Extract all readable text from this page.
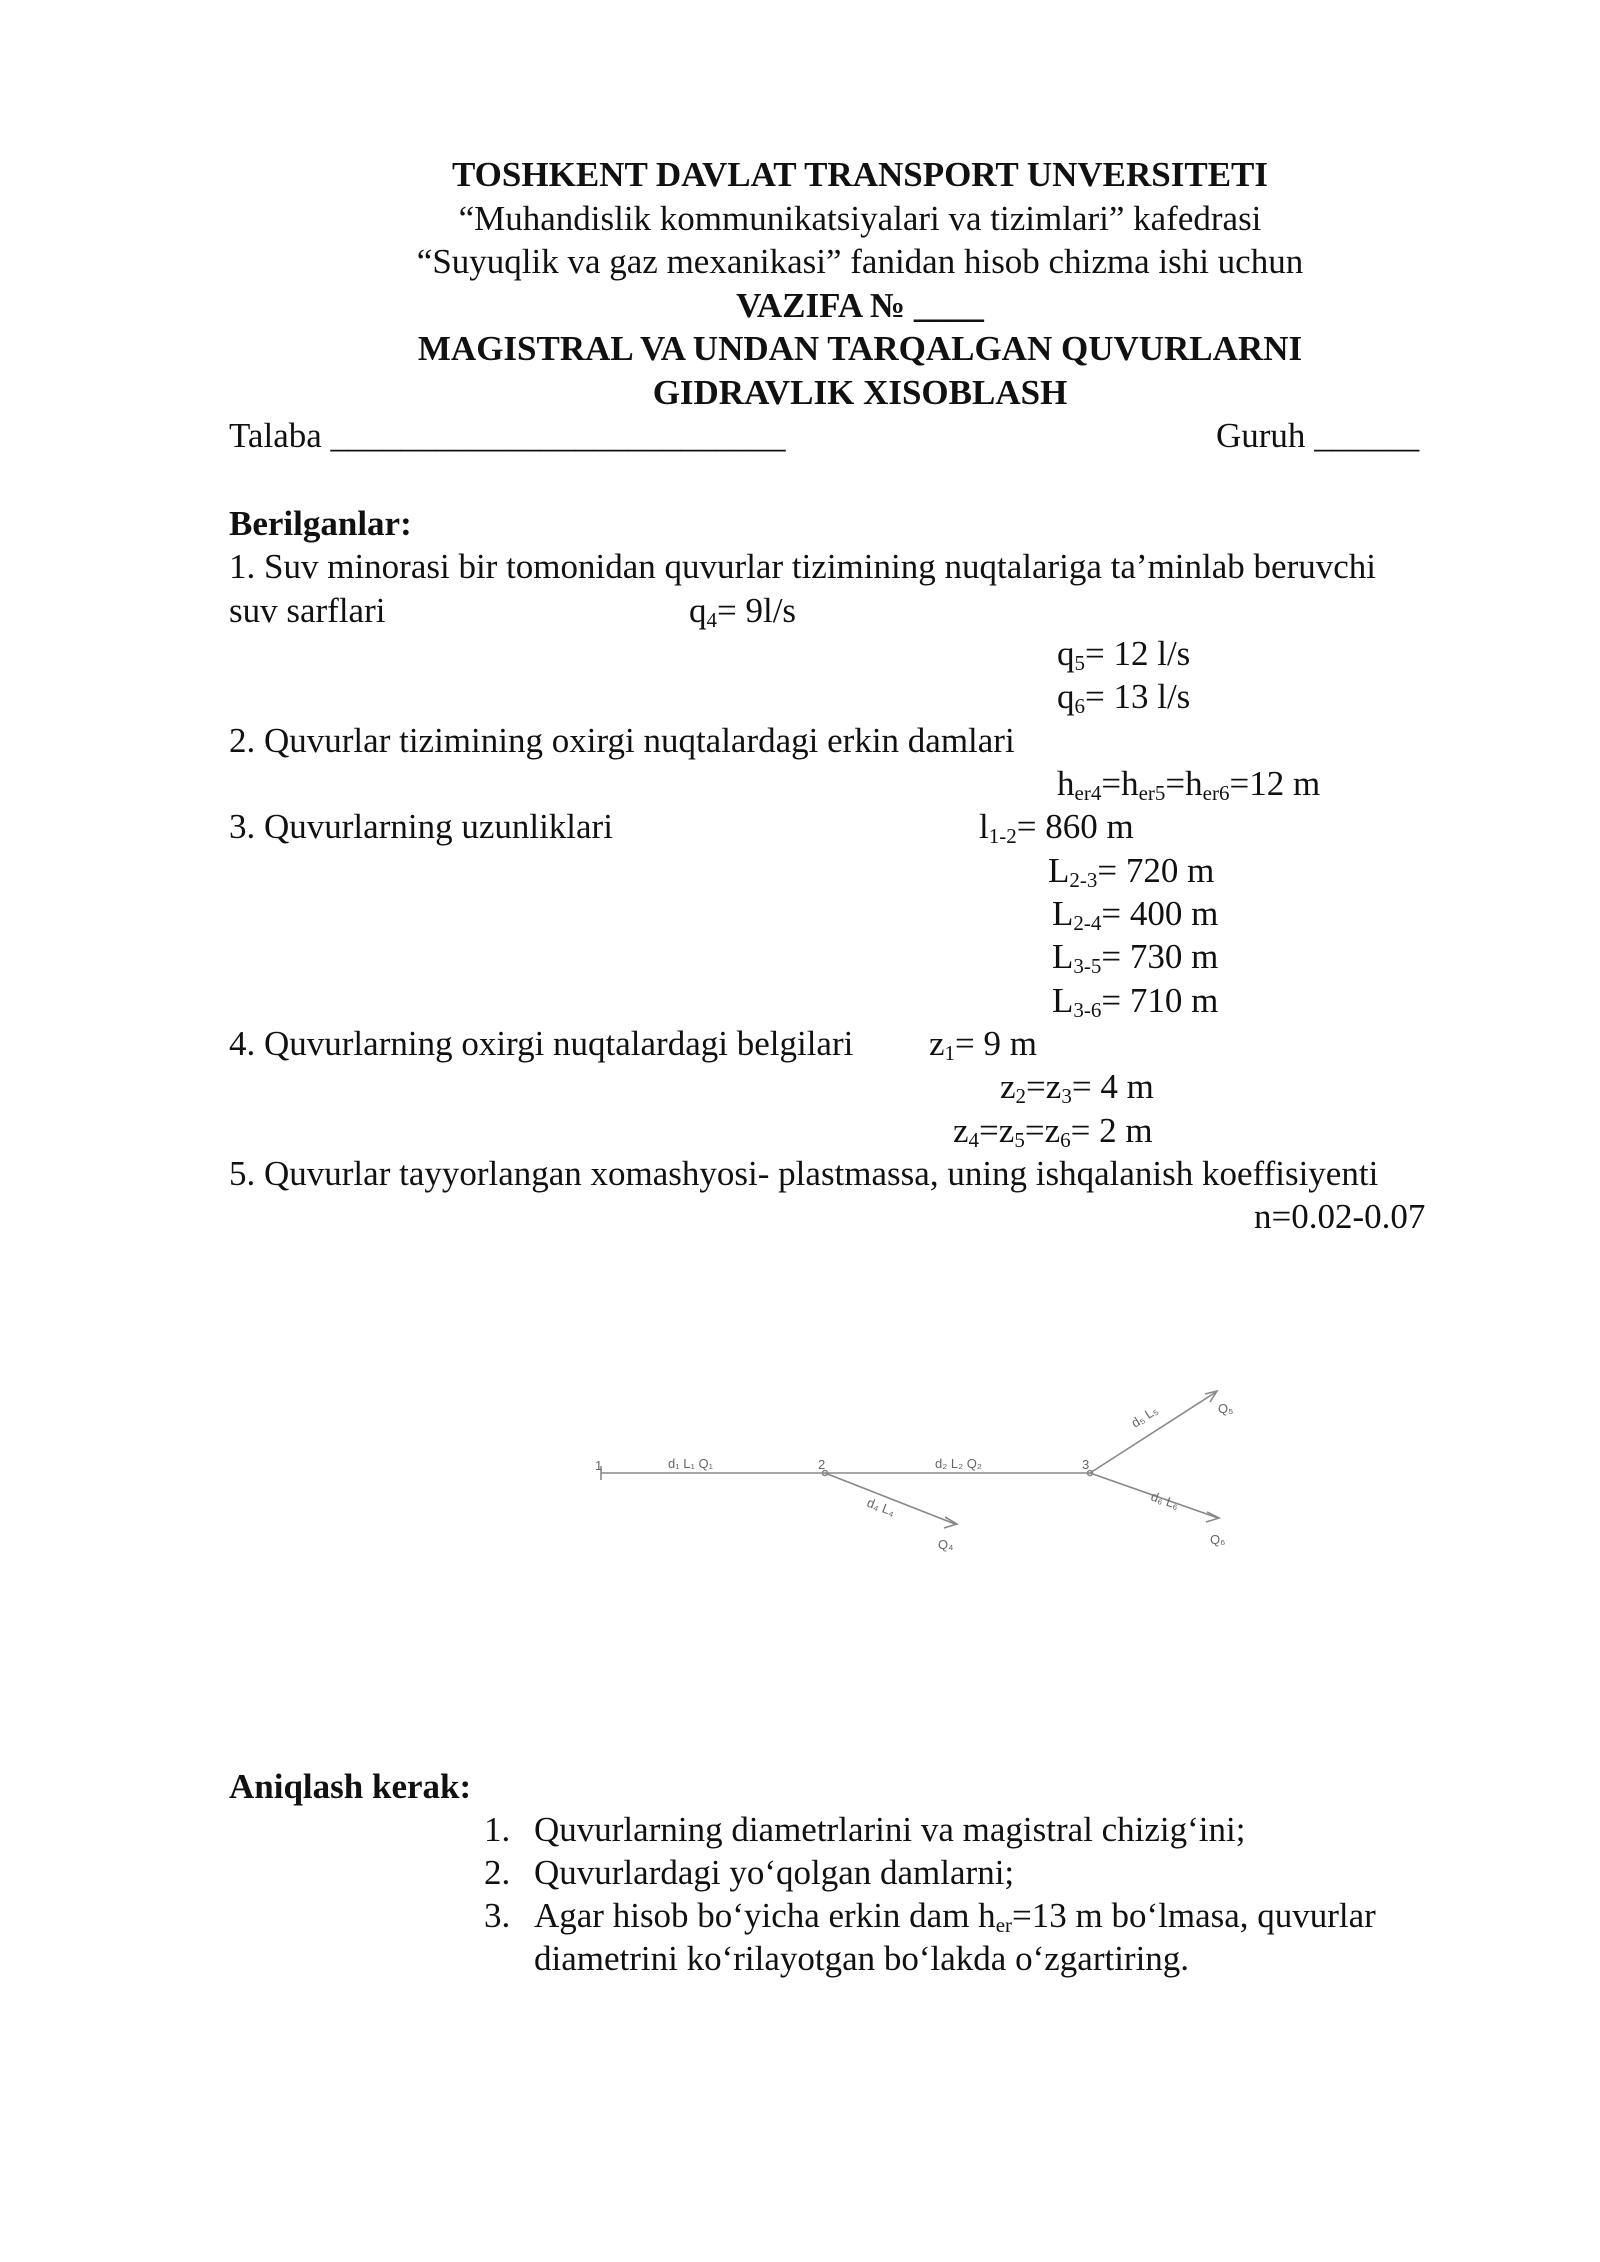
TOSHKENT DAVLAT TRANSPORT UNVERSITETI
“Muhandislik kommunikatsiyalari va tizimlari” kafedrasi
“Suyuqlik va gaz mexanikasi” fanidan hisob chizma ishi uchun
VAZIFA № ____
MAGISTRAL VA UNDAN TARQALGAN QUVURLARNI
GIDRAVLIK XISOBLASH
Talaba __________________________	Guruh ______
Berilganlar:
1. Suv minorasi bir tomonidan quvurlar tizimining nuqtalariga ta’minlab beruvchi
suv sarflari	$q_4= 9l/s$
$q_5= 12$ l/s
$q_6= 13$ l/s
2. Quvurlar tizimining oxirgi nuqtalardagi erkin damlari
$h_{er4}=h_{er5}=h_{er6}=12$ m
3. Quvurlarning uzunliklari	$l_{1-2}= 860$ m
$L_{2-3}= 720$ m
$L_{2-4}= 400$ m
$L_{3-5}= 730$ m
$L_{3-6}= 710$ m
4. Quvurlarning oxirgi nuqtalardagi belgilari $z_1= 9$ m
$z_2=z_3= 4$ m
$z_4=z_5=z_6= 2$ m
5. Quvurlar tayyorlangan xomashyosi- plastmassa, uning ishqalanish koeffisiyenti
n=0.02-0.07
1	2	3
d₁ L₁ Q₁	d₂ L₂ Q₂
d₄ L₄
d₅ L₅
d₆ L₆
Q₄
Q₅
Q₆
Aniqlash kerak:
1. Quvurlarning diametrlarini va magistral chizig‘ini;
2. Quvurlardagi yo‘qolgan damlarni;
3. Agar hisob bo‘yicha erkin dam $h_{er}=13$ m bo‘lmasa, quvurlar
diametrini ko‘rilayotgan bo‘lakda o‘zgartiring.
